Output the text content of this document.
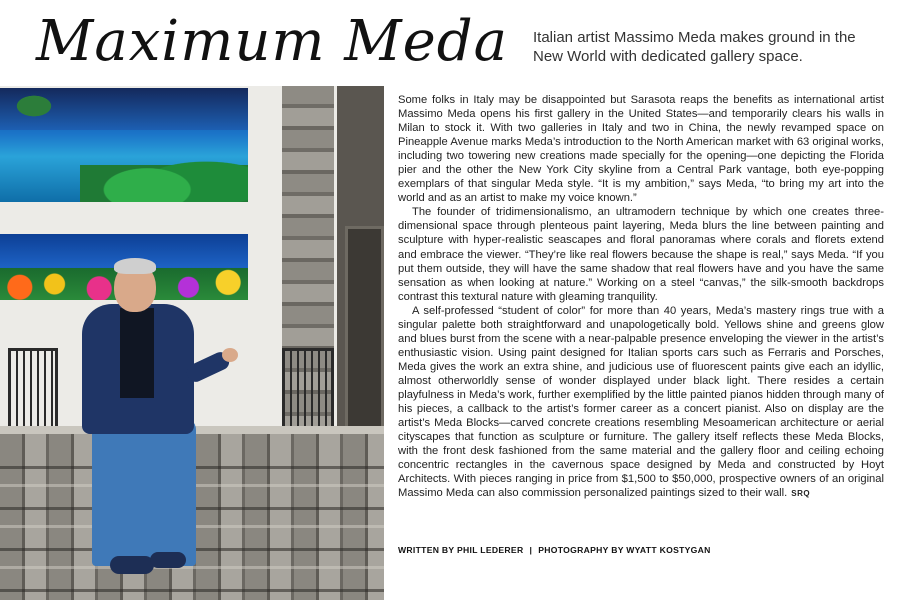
Maximum Meda Italian artist Massimo Meda makes ground in the New World with dedicated gallery space.

Some folks in Italy may be disappointed but Sarasota reaps the benefits as international artist Massimo Meda opens his first gallery in the United States—and temporarily clears his walls in Milan to stock it. With two galleries in Italy and two in China, the newly revamped space on Pineapple Avenue marks Meda’s introduction to the North American market with 63 original works, including two towering new creations made specially for the opening—one depicting the Florida pier and the other the New York City skyline from a Central Park vantage, both eye-popping exemplars of that singular Meda style. “It is my ambition,” says Meda, “to bring my art into the world and as an artist to make my voice known.”

The founder of tridimensionalismo, an ultramodern technique by which one creates three-dimensional space through plenteous paint layering, Meda blurs the line between painting and sculpture with hyper-realistic seascapes and floral panoramas where corals and florets extend and embrace the viewer. “They’re like real flowers because the shape is real,” says Meda. “If you put them outside, they will have the same shadow that real flowers have and you have the same sensation as when looking at nature.” Working on a steel “canvas,” the silk-smooth backdrops contrast this textural nature with gleaming tranquility.

A self-professed “student of color” for more than 40 years, Meda’s mastery rings true with a singular palette both straightforward and unapologetically bold. Yellows shine and greens glow and blues burst from the scene with a near-palpable presence enveloping the viewer in the artist’s enthusiastic vision. Using paint designed for Italian sports cars such as Ferraris and Porsches, Meda gives the work an extra shine, and judicious use of fluorescent paints give each an idyllic, almost otherworldly sense of wonder displayed under black light. There resides a certain playfulness in Meda’s work, further exemplified by the little painted pianos hidden through many of his pieces, a callback to the artist’s former career as a concert pianist. Also on display are the artist’s Meda Blocks—carved concrete creations resembling Mesoamerican architecture or aerial cityscapes that function as sculpture or furniture. The gallery itself reflects these Meda Blocks, with the front desk fashioned from the same material and the gallery floor and ceiling echoing concentric rectangles in the cavernous space designed by Meda and constructed by Hoyt Architects. With pieces ranging in price from $1,500 to $50,000, prospective owners of an original Massimo Meda can also commission personalized paintings sized to their wall. SRQ

WRITTEN BY PHIL LEDERER | PHOTOGRAPHY BY WYATT KOSTYGAN
